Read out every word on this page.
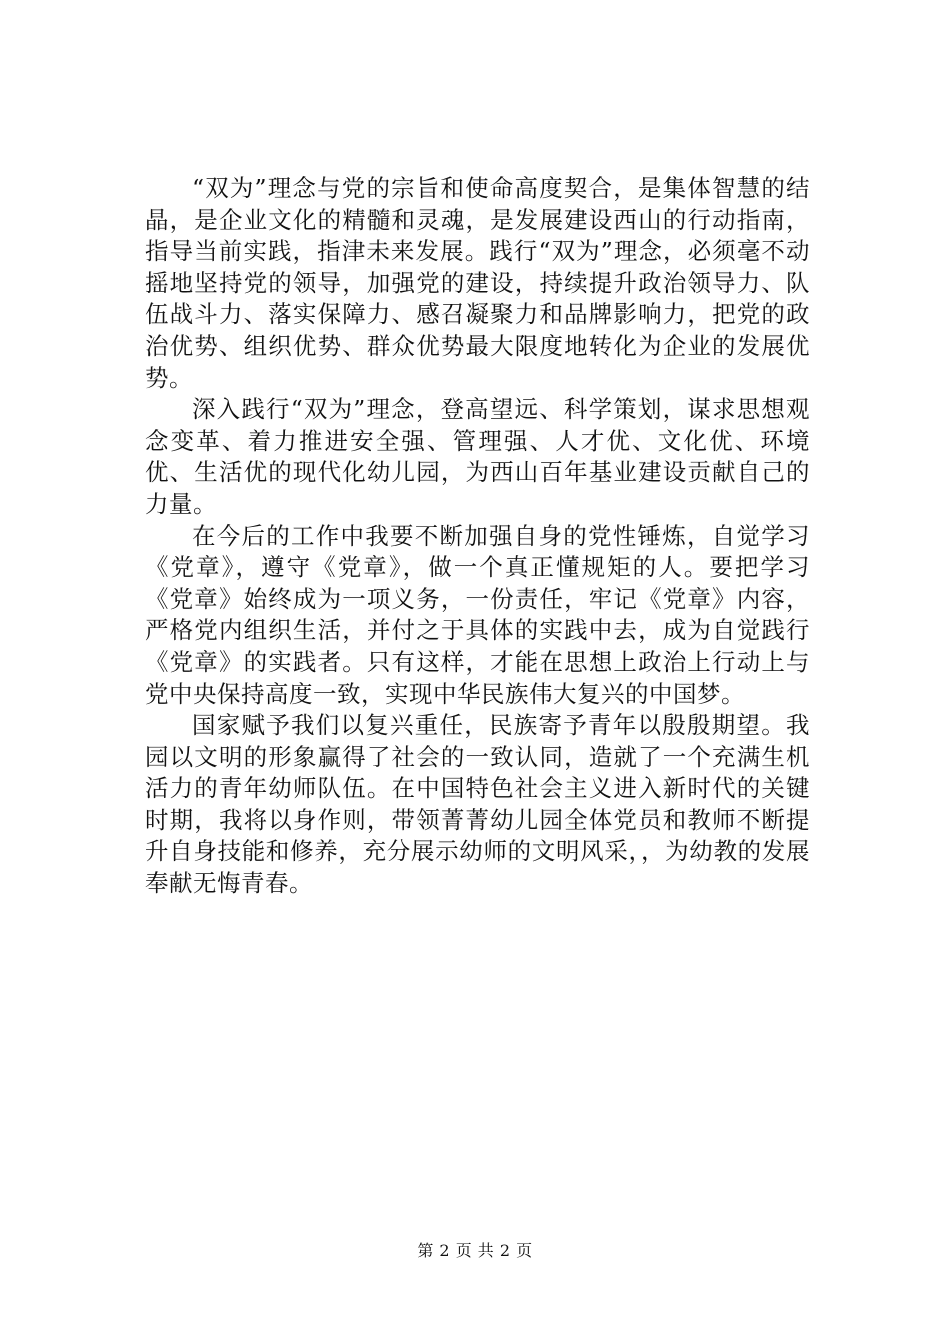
“双为”理念与党的宗旨和使命高度契合，是集体智慧的结晶，是企业文化的精髓和灵魂，是发展建设西山的行动指南，指导当前实践，指津未来发展。践行“双为”理念，必须毫不动摇地坚持党的领导，加强党的建设，持续提升政治领导力、队伍战斗力、落实保障力、感召凝聚力和品牌影响力，把党的政治优势、组织优势、群众优势最大限度地转化为企业的发展优势。

深入践行“双为”理念，登高望远、科学策划，谋求思想观念变革、着力推进安全强、管理强、人才优、文化优、环境优、生活优的现代化幼儿园，为西山百年基业建设贡献自己的力量。

在今后的工作中我要不断加强自身的党性锤炼，自觉学习《党章》，遵守《党章》，做一个真正懂规矩的人。要把学习《党章》始终成为一项义务，一份责任，牢记《党章》内容，严格党内组织生活，并付之于具体的实践中去，成为自觉践行《党章》的实践者。只有这样，才能在思想上政治上行动上与党中央保持高度一致，实现中华民族伟大复兴的中国梦。

国家赋予我们以复兴重任，民族寄予青年以殷殷期望。我园以文明的形象赢得了社会的一致认同，造就了一个充满生机活力的青年幼师队伍。在中国特色社会主义进入新时代的关键时期，我将以身作则，带领菁菁幼儿园全体党员和教师不断提升自身技能和修养，充分展示幼师的文明风采，，为幼教的发展奉献无悔青春。

第 2 页 共 2 页
